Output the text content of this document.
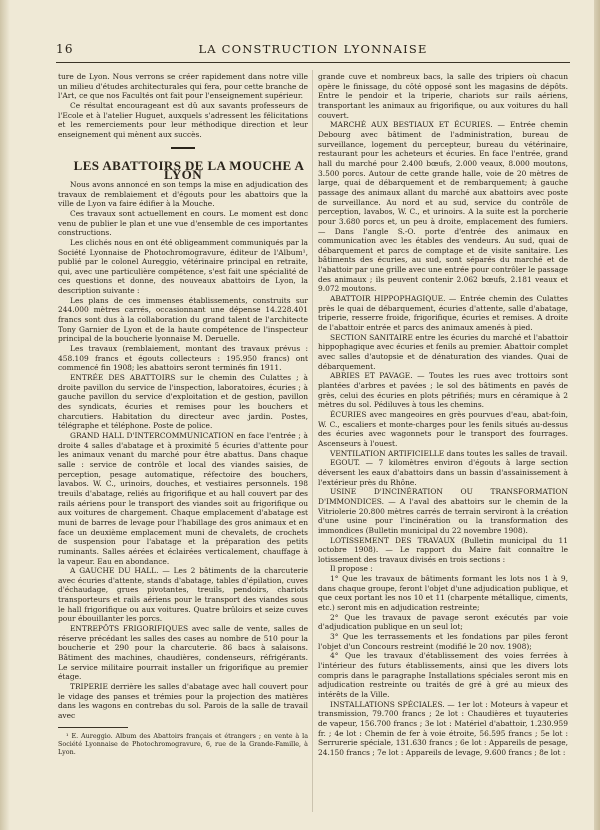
16	LA CONSTRUCTION LYONNAISE

ture de Lyon. Nous verrons se créer rapidement dans notre ville un milieu d'études architecturales qui fera, pour cette branche de l'Art, ce que nos Facultés ont fait pour l'enseignement supérieur.

Ce résultat encourageant est dû aux savants professeurs de l'Ecole et à l'atelier Huguet, auxquels s'adressent les félicitations et les remerciements pour leur méthodique direction et leur enseignement qui mènent aux succès.

LES ABATTOIRS DE LA MOUCHE A LYON

Nous avons annoncé en son temps la mise en adjudication des travaux de remblaiement et d'égouts pour les abattoirs que la ville de Lyon va faire édifier à la Mouche.

Ces travaux sont actuellement en cours. Le moment est donc venu de publier le plan et une vue d'ensemble de ces importantes constructions.

Les clichés nous en ont été obligeamment communiqués par la Société Lyonnaise de Photochromogravure, éditeur de l'Album¹, publié par le colonel Aureggio, vétérinaire principal en retraite, qui, avec une particulière compétence, s'est fait une spécialité de ces questions et donne, des nouveaux abattoirs de Lyon, la description suivante :

Les plans de ces immenses établissements, construits sur 244.000 mètres carrés, occasionnant une dépense 14.228.401 francs sont dus à la collaboration du grand talent de l'architecte Tony Garnier de Lyon et de la haute compétence de l'inspecteur principal de la boucherie lyonnaise M. Deruelle.

Les travaux (remblaiement, montant des travaux prévus : 458.109 francs et égouts collecteurs : 195.950 francs) ont commencé fin 1908; les abattoirs seront terminés fin 1911.

ENTRÉE DES ABATTOIRS sur le chemin des Culattes ; à droite pavillon du service de l'inspection, laboratoires, écuries ; à gauche pavillon du service d'exploitation et de gestion, pavillon des syndicats, écuries et remises pour les bouchers et charcutiers. Habitation du directeur avec jardin. Postes, télégraphe et téléphone. Poste de police.

GRAND HALL D'INTERCOMMUNICATION en face l'entrée ; à droite 4 salles d'abatage et à proximité 5 écuries d'attente pour les animaux venant du marché pour être abattus. Dans chaque salle : service de contrôle et local des viandes saisies, de perception, pesage automatique, réfectoire des bouchers, lavabos. W. C., urinoirs, douches, et vestiaires personnels. 198 treuils d'abatage, reliés au frigorifique et au hall couvert par des rails aériens pour le transport des viandes soit au frigorifique ou aux voitures de chargement. Chaque emplacement d'abatage est muni de barres de levage pour l'habillage des gros animaux et en face un deuxième emplacement muni de chevalets, de crochets de suspension pour l'abatage et la préparation des petits ruminants. Salles aérées et éclairées verticalement, chauffage à la vapeur. Eau en abondance.

A GAUCHE DU HALL. — Les 2 bâtiments de la charcuterie avec écuries d'attente, stands d'abatage, tables d'épilation, cuves d'échaudage, grues pivotantes, treuils, pendoirs, chariots transporteurs et rails aériens pour le transport des viandes sous le hall frigorifique ou aux voitures. Quatre brûloirs et seize cuves pour ébouillanter les porcs.

ENTREPÔTS FRIGORIFIQUES avec salle de vente, salles de réserve précédant les salles des cases au nombre de 510 pour la boucherie et 290 pour la charcuterie. 86 bacs à salaisons. Bâtiment des machines, chaudières, condenseurs, réfrigérants. Le service militaire pourrait installer un frigorifique au premier étage.

TRIPERIE derrière les salles d'abatage avec hall couvert pour le vidage des panses et trémies pour la projection des matières dans les wagons en contrebas du sol. Parois de la salle de travail avec

¹ E. Aureggio. Album des Abattoirs français et étrangers ; en vente à la Société Lyonnaise de Photochromogravure, 6, rue de la Grande-Famille, à Lyon.

grande cuve et nombreux bacs, la salle des tripiers où chacun opère le finissage, du côté opposé sont les magasins de dépôts. Entre le pendoir et la triperie, chariots sur rails aériens, transportant les animaux au frigorifique, ou aux voitures du hall couvert.

MARCHÉ AUX BESTIAUX ET ÉCURIES. — Entrée chemin Debourg avec bâtiment de l'administration, bureau de surveillance, logement du percepteur, bureau du vétérinaire, restaurant pour les acheteurs et écuries. En face l'entrée, grand hall du marché pour 2.400 bœufs, 2.000 veaux, 8.000 moutons, 3.500 porcs. Autour de cette grande halle, voie de 20 mètres de large, quai de débarquement et de rembarquement; à gauche passage des animaux allant du marché aux abattoirs avec poste de surveillance. Au nord et au sud, service du contrôle de perception, lavabos, W. C., et urinoirs. A la suite est la porcherie pour 3.680 porcs et, un peu à droite, emplacement des fumiers. — Dans l'angle S.-O. porte d'entrée des animaux en communication avec les étables des vendeurs. Au sud, quai de débarquement et parcs de comptage et de visite sanitaire. Les bâtiments des écuries, au sud, sont séparés du marché et de l'abattoir par une grille avec une entrée pour contrôler le passage des animaux ; ils peuvent contenir 2.062 bœufs, 2.181 veaux et 9.072 moutons.

ABATTOIR HIPPOPHAGIQUE. — Entrée chemin des Culattes près le quai de débarquement, écuries d'attente, salle d'abatage, triperie, resserre froide, frigorifique, écuries et remises. A droite de l'abattoir entrée et parcs des animaux amenés à pied.

SECTION SANITAIRE entre les écuries du marché et l'abattoir hippophagique avec écuries et fenils au premier. Abattoir complet avec salles d'autopsie et de dénaturation des viandes. Quai de débarquement.

ABRIES ET PAVAGE. — Toutes les rues avec trottoirs sont plantées d'arbres et pavées ; le sol des bâtiments en pavés de grès, celui des écuries en plots pétrifiés; murs en céramique à 2 mètres du sol. Pédiluves à tous les chemins.

ÉCURIES avec mangeoires en grès pourvues d'eau, abat-foin, W. C., escaliers et monte-charges pour les fenils situés au-dessus des écuries avec wagonnets pour le transport des fourrages. Ascenseurs à l'ouest.

VENTILATION ARTIFICIELLE dans toutes les salles de travail.

EGOUT. — 7 kilomètres environ d'égouts à large section déversent les eaux d'abattoirs dans un bassin d'assainissement à l'extérieur près du Rhône.

USINE D'INCINÉRATION OU TRANSFORMATION D'IMMONDICES. — A l'aval des abattoirs sur le chemin de la Vitriolerie 20.800 mètres carrés de terrain serviront à la création d'une usine pour l'incinération ou la transformation des immondices (Bulletin municipal du 22 novembre 1908).

LOTISSEMENT DES TRAVAUX (Bulletin municipal du 11 octobre 1908). — Le rapport du Maire fait connaître le lotissement des travaux divisés en trois sections :

Il propose :

1° Que les travaux de bâtiments formant les lots nos 1 à 9, dans chaque groupe, feront l'objet d'une adjudication publique, et que ceux portant les nos 10 et 11 (charpente métallique, ciments, etc.) seront mis en adjudication restreinte;

2° Que les travaux de pavage seront exécutés par voie d'adjudication publique en un seul lot;

3° Que les terrassements et les fondations par piles feront l'objet d'un Concours restreint (modifié le 20 nov. 1908);

4° Que les travaux d'établissement des voies ferrées à l'intérieur des futurs établissements, ainsi que les divers lots compris dans le paragraphe Installations spéciales seront mis en adjudication restreinte ou traités de gré à gré au mieux des intérêts de la Ville.

INSTALLATIONS SPÉCIALES. — 1er lot : Moteurs à vapeur et transmission, 79.700 francs ; 2e lot : Chaudières et tuyauteries de vapeur, 156.700 francs ; 3e lot : Matériel d'abattoir, 1.230.959 fr. ; 4e lot : Chemin de fer à voie étroite, 56.595 francs ; 5e lot : Serrurerie spéciale, 131.630 francs ; 6e lot : Appareils de pesage, 24.150 francs ; 7e lot : Appareils de levage, 9.600 francs ; 8e lot :
